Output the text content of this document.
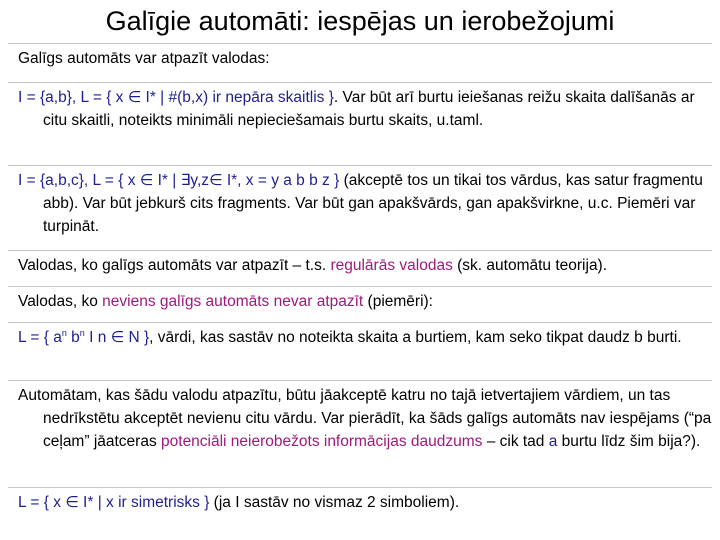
Galīgie automāti: iespējas un ierobežojumi
Galīgs automāts var atpazīt valodas:
I = {a,b}, L = { x ∈ I* | #(b,x) ir nepāra skaitlis }. Var būt arī burtu ieiešanas reižu skaita dalīšanās ar citu skaitli, noteikts minimāli nepieciešamais burtu skaits, u.taml.
I = {a,b,c}, L = { x ∈ I* | ∃y,z∈ I*, x = y a b b z } (akceptē tos un tikai tos vārdus, kas satur fragmentu abb). Var būt jebkurš cits fragments. Var būt gan apakšvārds, gan apakšvirkne, u.c. Piemēri var turpināt.
Valodas, ko galīgs automāts var atpazīt – t.s. regulārās valodas (sk. automātu teorija).
Valodas, ko neviens galīgs automāts nevar atpazīt (piemēri):
L = { $a^n$ $b^n$ I n ∈ N }, vārdi, kas sastāv no noteikta skaita a burtiem, kam seko tikpat daudz b burti.
Automātam, kas šādu valodu atpazītu, būtu jāakceptē katru no tajā ietvertajiem vārdiem, un tas nedrīkstētu akceptēt nevienu citu vārdu. Var pierādīt, ka šāds galīgs automāts nav iespējams (“pa ceļam” jāatceras potenciāli neierobežots informācijas daudzums – cik tad a burtu līdz šim bija?).
L = { x ∈ I* | x ir simetrisks } (ja I sastāv no vismaz 2 simboliem).
